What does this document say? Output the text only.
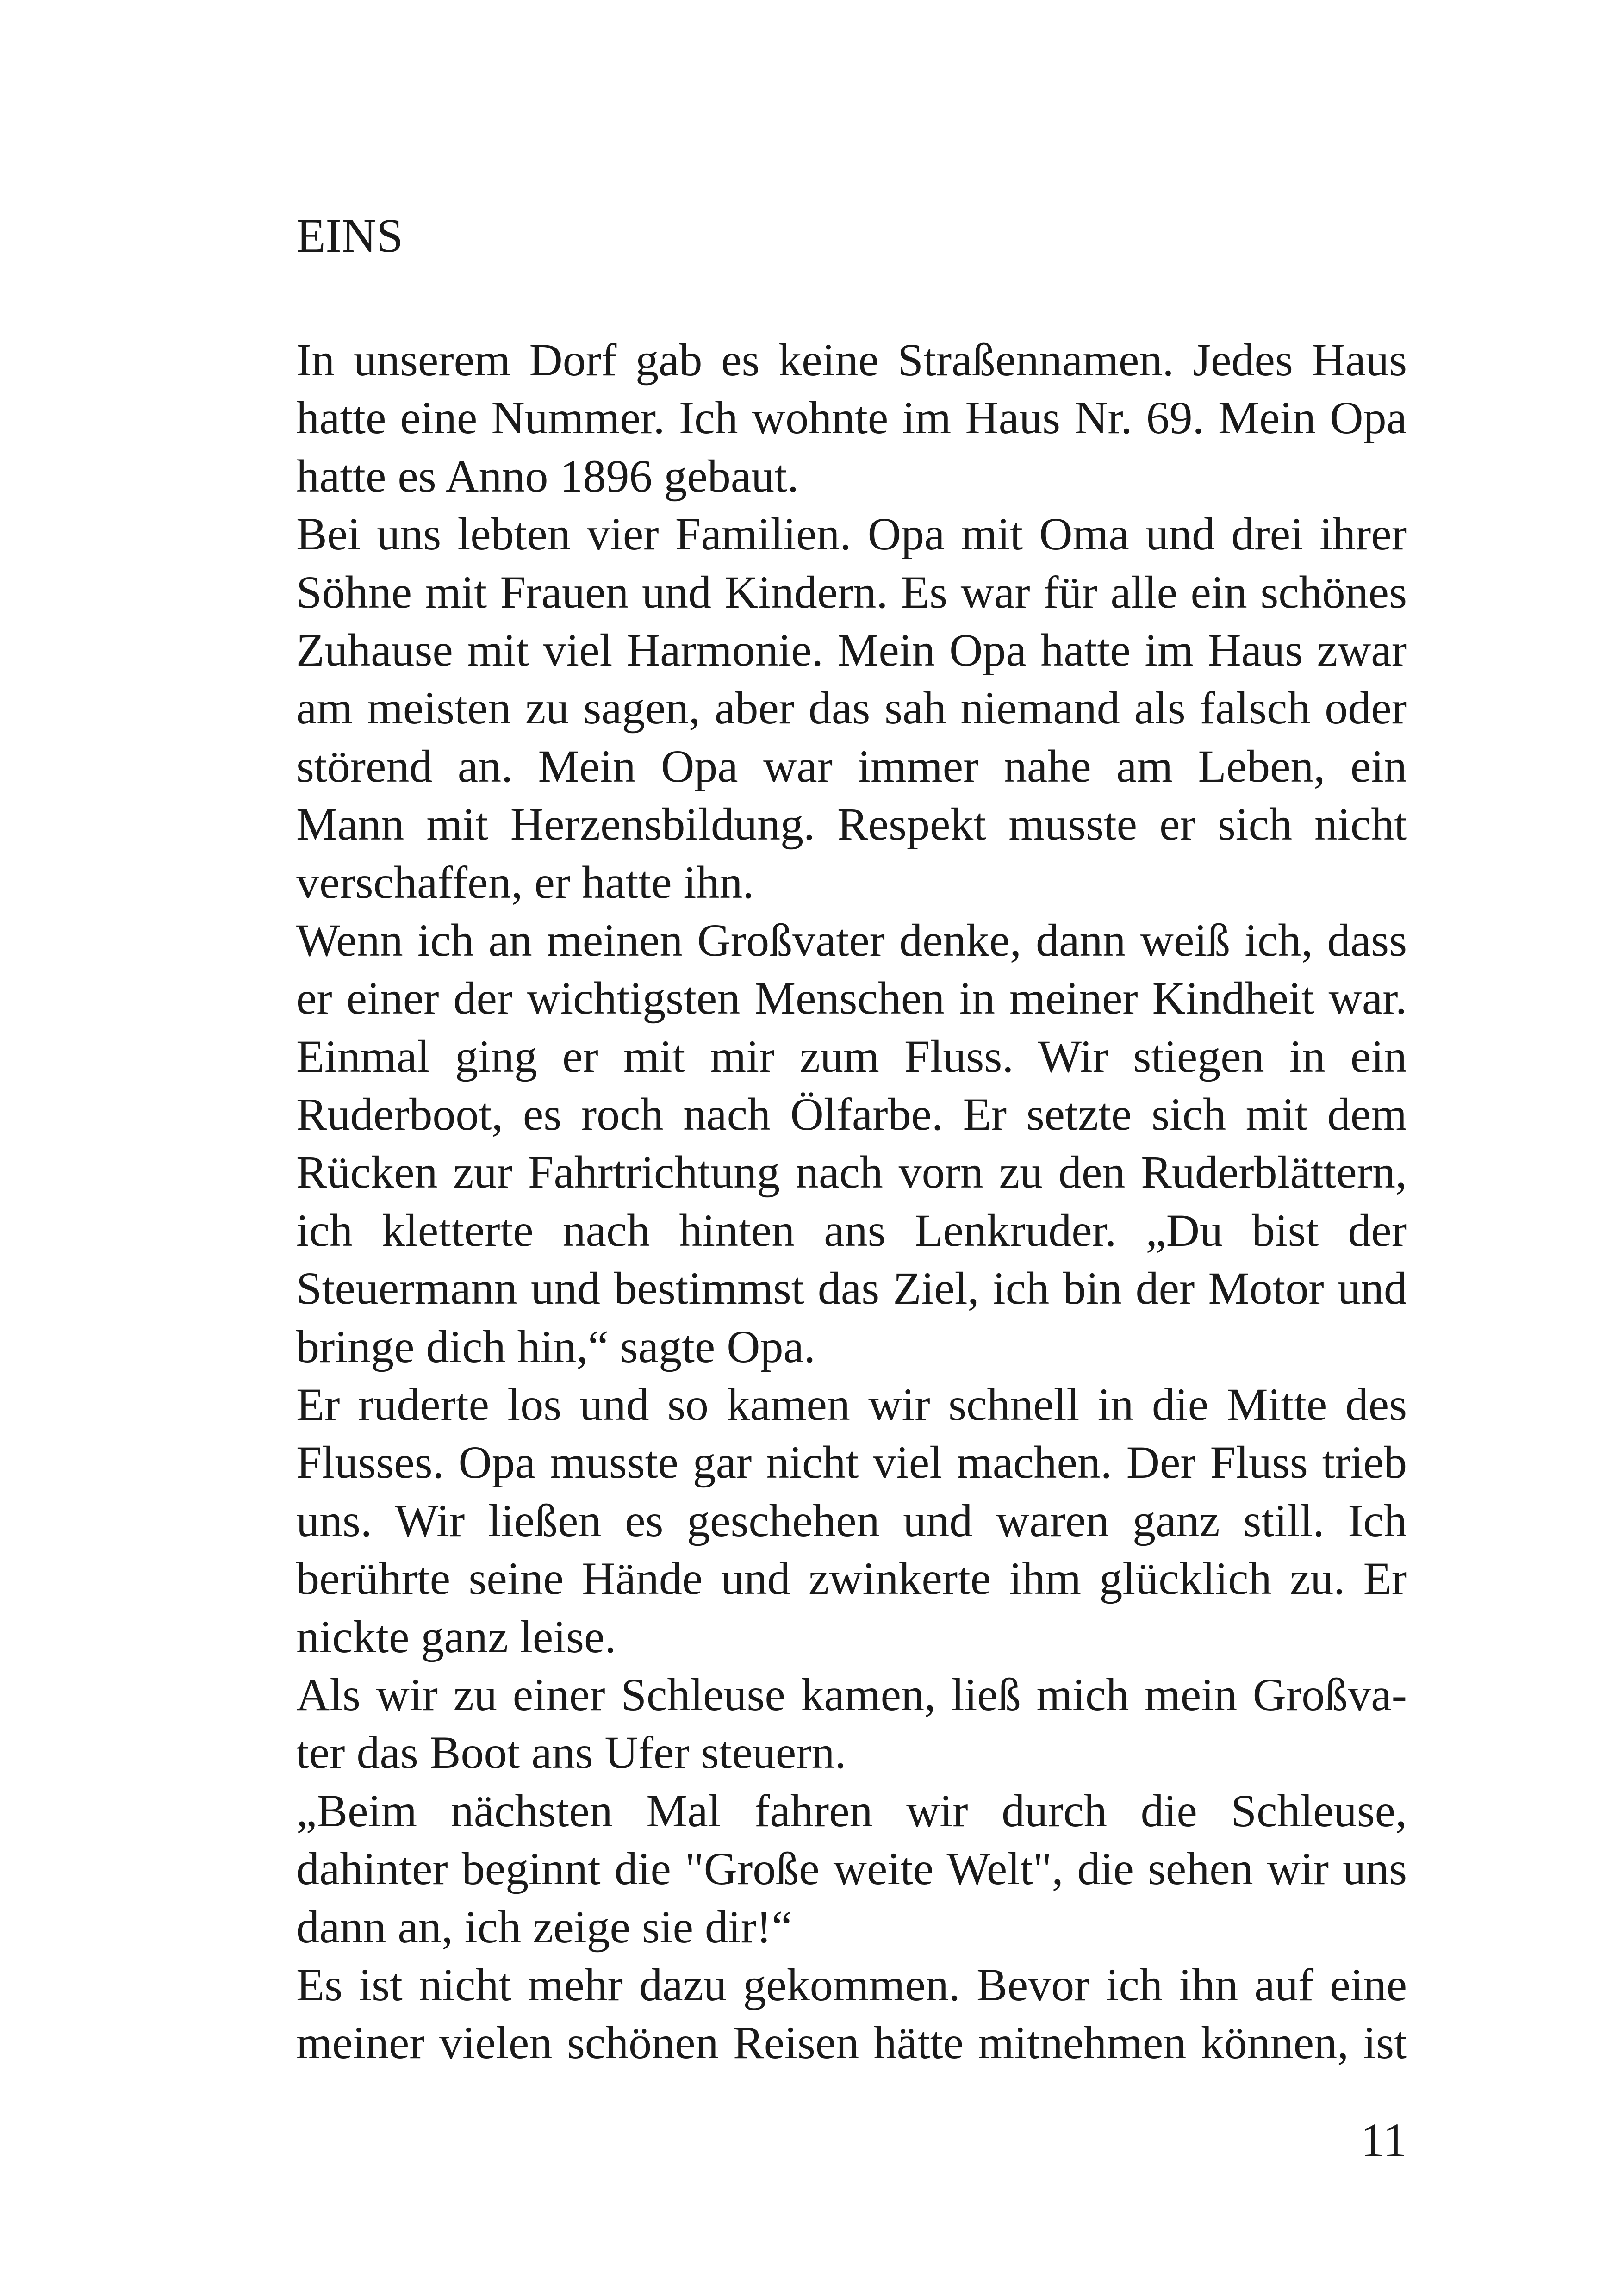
EINS
In unserem Dorf gab es keine Straßennamen. Jedes Haus
hatte eine Nummer. Ich wohnte im Haus Nr. 69. Mein Opa
hatte es Anno 1896 gebaut.
Bei uns lebten vier Familien. Opa mit Oma und drei ihrer
Söhne mit Frauen und Kindern. Es war für alle ein schönes
Zuhause mit viel Harmonie. Mein Opa hatte im Haus zwar
am meisten zu sagen, aber das sah niemand als falsch oder
störend an. Mein Opa war immer nahe am Leben, ein
Mann mit Herzensbildung. Respekt musste er sich nicht
verschaffen, er hatte ihn.
Wenn ich an meinen Großvater denke, dann weiß ich, dass
er einer der wichtigsten Menschen in meiner Kindheit war.
Einmal ging er mit mir zum Fluss. Wir stiegen in ein
Ruderboot, es roch nach Ölfarbe. Er setzte sich mit dem
Rücken zur Fahrtrichtung nach vorn zu den Ruderblättern,
ich kletterte nach hinten ans Lenkruder. „Du bist der
Steuermann und bestimmst das Ziel, ich bin der Motor und
bringe dich hin,“ sagte Opa.
Er ruderte los und so kamen wir schnell in die Mitte des
Flusses. Opa musste gar nicht viel machen. Der Fluss trieb
uns. Wir ließen es geschehen und waren ganz still. Ich
berührte seine Hände und zwinkerte ihm glücklich zu. Er
nickte ganz leise.
Als wir zu einer Schleuse kamen, ließ mich mein Großva-
ter das Boot ans Ufer steuern.
„Beim nächsten Mal fahren wir durch die Schleuse,
dahinter beginnt die "Große weite Welt", die sehen wir uns
dann an, ich zeige sie dir!“
Es ist nicht mehr dazu gekommen. Bevor ich ihn auf eine
meiner vielen schönen Reisen hätte mitnehmen können, ist
11
